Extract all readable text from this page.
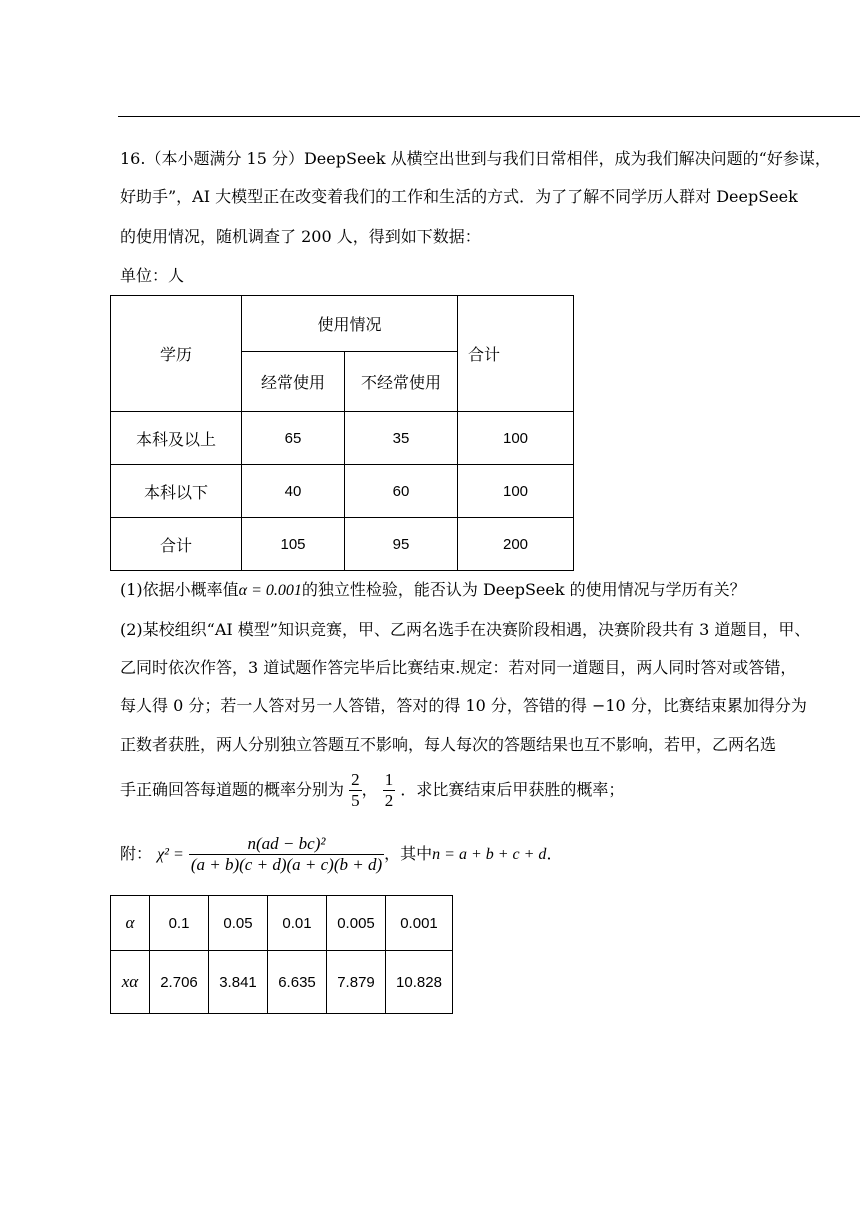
16.（本小题满分 15 分）DeepSeek 从横空出世到与我们日常相伴，成为我们解决问题的“好参谋，
好助手”，AI 大模型正在改变着我们的工作和生活的方式．为了了解不同学历人群对 DeepSeek
的使用情况，随机调查了 200 人，得到如下数据：
单位：人
学历	使用情况		合计
	经常使用	不经常使用	
本科及以上	65	35	100
本科以下	40	60	100
合计	105	95	200
(1)依据小概率值α = 0.001的独立性检验，能否认为 DeepSeek 的使用情况与学历有关？
(2)某校组织“AI 模型”知识竞赛，甲、乙两名选手在决赛阶段相遇，决赛阶段共有 3 道题目，甲、
乙同时依次作答，3 道试题作答完毕后比赛结束.规定：若对同一道题目，两人同时答对或答错，
每人得 0 分；若一人答对另一人答错，答对的得 10 分，答错的得 −10 分，比赛结束累加得分为
正数者获胜，两人分别独立答题互不影响，每人每次的答题结果也互不影响，若甲，乙两名选
手正确回答每道题的概率分别为 $\frac{2}{5}$ ， $\frac{1}{2}$ ．求比赛结束后甲获胜的概率；
附： $\chi^2 = \frac{\text{n(ad − bc)²}}{(a + b)(c + d)(a + c)(b + d)}$ ，其中n = a + b + c + d．
α	0.1	0.05	0.01	0.005	0.001
xα	2.706	3.841	6.635	7.879	10.828
